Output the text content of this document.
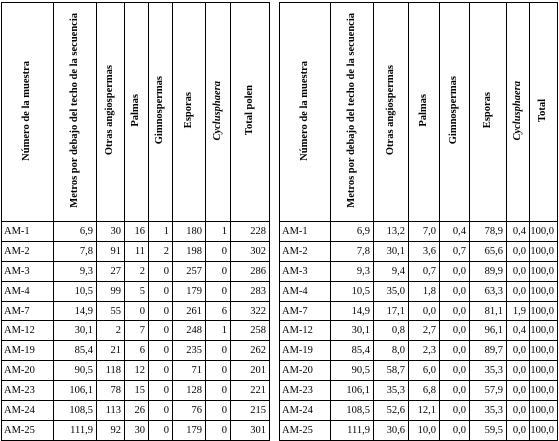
Número de la muestra	Metros por debajo del techo de la secuencia	Otras angiospermas	Palmas	Gimnospermas	Esporas	Cyclusphaera	Total polen
AM-1	6,9	30	16	1	180	1	228
AM-2	7,8	91	11	2	198	0	302
AM-3	9,3	27	2	0	257	0	286
AM-4	10,5	99	5	0	179	0	283
AM-7	14,9	55	0	0	261	6	322
AM-12	30,1	2	7	0	248	1	258
AM-19	85,4	21	6	0	235	0	262
AM-20	90,5	118	12	0	71	0	201
AM-23	106,1	78	15	0	128	0	221
AM-24	108,5	113	26	0	76	0	215
AM-25	111,9	92	30	0	179	0	301
Número de la muestra	Metros por debajo del techo de la secuencia	Otras angiospermas	Palmas	Gimnospermas	Esporas	Cyclusphaera	Total
AM-1	6,9	13,2	7,0	0,4	78,9	0,4	100,0
AM-2	7,8	30,1	3,6	0,7	65,6	0,0	100,0
AM-3	9,3	9,4	0,7	0,0	89,9	0,0	100,0
AM-4	10,5	35,0	1,8	0,0	63,3	0,0	100,0
AM-7	14,9	17,1	0,0	0,0	81,1	1,9	100,0
AM-12	30,1	0,8	2,7	0,0	96,1	0,4	100,0
AM-19	85,4	8,0	2,3	0,0	89,7	0,0	100,0
AM-20	90,5	58,7	6,0	0,0	35,3	0,0	100,0
AM-23	106,1	35,3	6,8	0,0	57,9	0,0	100,0
AM-24	108,5	52,6	12,1	0,0	35,3	0,0	100,0
AM-25	111,9	30,6	10,0	0,0	59,5	0,0	100,0
